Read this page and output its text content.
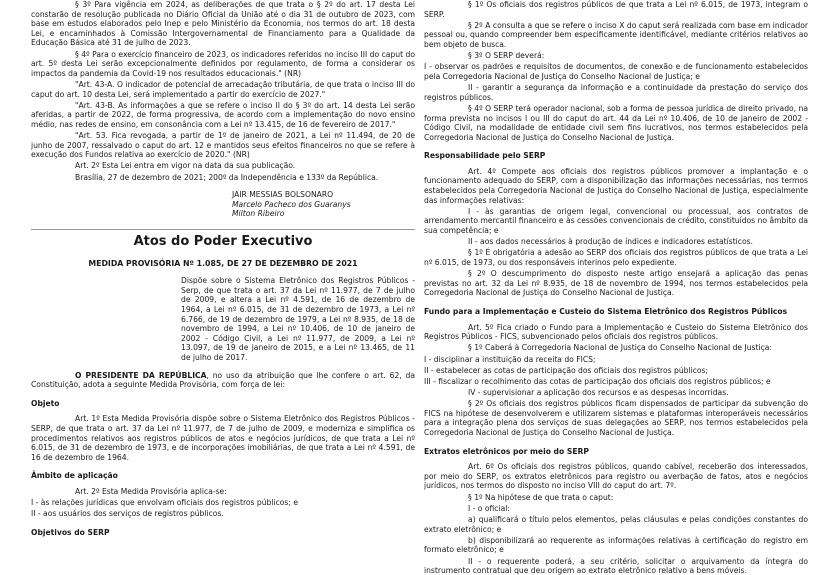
§ 3º Para vigência em 2024, as deliberações de que trata o § 2º do art. 17 desta Lei constarão de resolução publicada no Diário Oficial da União até o dia 31 de outubro de 2023, com base em estudos elaborados pelo Inep e pelo Ministério da Economia, nos termos do art. 18 desta Lei, e encaminhados à Comissão Intergovernamental de Financiamento para a Qualidade da Educação Básica até 31 de julho de 2023.

§ 4º Para o exercício financeiro de 2023, os indicadores referidos no inciso III do caput do art. 5º desta Lei serão excepcionalmente definidos por regulamento, de forma a considerar os impactos da pandemia da Covid-19 nos resultados educacionais." (NR)

"Art. 43-A. O indicador de potencial de arrecadação tributária, de que trata o inciso III do caput do art. 10 desta Lei, será implementado a partir do exercício de 2027."

"Art. 43-B. As informações a que se refere o inciso II do § 3º do art. 14 desta Lei serão aferidas, a partir de 2022, de forma progressiva, de acordo com a implementação do novo ensino médio, nas redes de ensino, em consonância com a Lei nº 13.415, de 16 de fevereiro de 2017."

"Art. 53. Fica revogada, a partir de 1º de janeiro de 2021, a Lei nº 11.494, de 20 de junho de 2007, ressalvado o caput do art. 12 e mantidos seus efeitos financeiros no que se refere à execução dos Fundos relativa ao exercício de 2020." (NR)

Art. 2º Esta Lei entra em vigor na data da sua publicação.

Brasília, 27 de dezembro de 2021; 200º da Independência e 133º da República.

JAIR MESSIAS BOLSONARO
Marcelo Pacheco dos Guaranys
Milton Ribeiro
Atos do Poder Executivo
MEDIDA PROVISÓRIA Nº 1.085, DE 27 DE DEZEMBRO DE 2021
Dispõe sobre o Sistema Eletrônico dos Registros Públicos - Serp, de que trata o art. 37 da Lei nº 11.977, de 7 de julho de 2009, e altera a Lei nº 4.591, de 16 de dezembro de 1964, a Lei nº 6.015, de 31 de dezembro de 1973, a Lei nº 6.766, de 19 de dezembro de 1979, a Lei nº 8.935, de 18 de novembro de 1994, a Lei nº 10.406, de 10 de janeiro de 2002 - Código Civil, a Lei nº 11.977, de 2009, a Lei nº 13.097, de 19 de janeiro de 2015, e a Lei nº 13.465, de 11 de julho de 2017.

O PRESIDENTE DA REPÚBLICA, no uso da atribuição que lhe confere o art. 62, da Constituição, adota a seguinte Medida Provisória, com força de lei:

Objeto

Art. 1º Esta Medida Provisória dispõe sobre o Sistema Eletrônico dos Registros Públicos - SERP, de que trata o art. 37 da Lei nº 11.977, de 7 de julho de 2009, e moderniza e simplifica os procedimentos relativos aos registros públicos de atos e negócios jurídicos, de que trata a Lei nº 6.015, de 31 de dezembro de 1973, e de incorporações imobiliárias, de que trata a Lei nº 4.591, de 16 de dezembro de 1964.

Âmbito de aplicação

Art. 2º Esta Medida Provisória aplica-se:

I - às relações jurídicas que envolvam oficiais dos registros públicos; e

II - aos usuários dos serviços de registros públicos.

Objetivos do SERP

§ 1º Os oficiais dos registros públicos de que trata a Lei nº 6.015, de 1973, integram o SERP.

§ 2º A consulta a que se refere o inciso X do caput será realizada com base em indicador pessoal ou, quando compreender bem especificamente identificável, mediante critérios relativos ao bem objeto de busca.

§ 3º O SERP deverá:

I - observar os padrões e requisitos de documentos, de conexão e de funcionamento estabelecidos pela Corregedoria Nacional de Justiça do Conselho Nacional de Justiça; e

II - garantir a segurança da informação e a continuidade da prestação do serviço dos registros públicos.

§ 4º O SERP terá operador nacional, sob a forma de pessoa jurídica de direito privado, na forma prevista no incisos I ou III do caput do art. 44 da Lei nº 10.406, de 10 de janeiro de 2002 - Código Civil, na modalidade de entidade civil sem fins lucrativos, nos termos estabelecidos pela Corregedoria Nacional de Justiça do Conselho Nacional de Justiça.

Responsabilidade pelo SERP

Art. 4º Compete aos oficiais dos registros públicos promover a implantação e o funcionamento adequado do SERP, com a disponibilização das informações necessárias, nos termos estabelecidos pela Corregedoria Nacional de Justiça do Conselho Nacional de Justiça, especialmente das informações relativas:

I - às garantias de origem legal, convencional ou processual, aos contratos de arrendamento mercantil financeiro e às cessões convencionais de crédito, constituídos no âmbito da sua competência; e

II - aos dados necessários à produção de índices e indicadores estatísticos.

§ 1º É obrigatória a adesão ao SERP dos oficiais dos registros públicos de que trata a Lei nº 6.015, de 1973, ou dos responsáveis interinos pelo expediente.

§ 2º O descumprimento do disposto neste artigo ensejará a aplicação das penas previstas no art. 32 da Lei nº 8.935, de 18 de novembro de 1994, nos termos estabelecidos pela Corregedoria Nacional de Justiça do Conselho Nacional de Justiça.

Fundo para a Implementação e Custeio do Sistema Eletrônico dos Registros Públicos

Art. 5º Fica criado o Fundo para a Implementação e Custeio do Sistema Eletrônico dos Registros Públicos - FICS, subvencionado pelos oficiais dos registros públicos.

§ 1º Caberá à Corregedoria Nacional de Justiça do Conselho Nacional de Justiça:

I - disciplinar a instituição da receita do FICS;

II - estabelecer as cotas de participação dos oficiais dos registros públicos;

III - fiscalizar o recolhimento das cotas de participação dos oficiais dos registros públicos; e

IV - supervisionar a aplicação dos recursos e as despesas incorridas.

§ 2º Os oficiais dos registros públicos ficam dispensados de participar da subvenção do FICS na hipótese de desenvolverem e utilizarem sistemas e plataformas interoperáveis necessários para a integração plena dos serviços de suas delegações ao SERP, nos termos estabelecidos pela Corregedoria Nacional de Justiça do Conselho Nacional de Justiça.

Extratos eletrônicos por meio do SERP

Art. 6º Os oficiais dos registros públicos, quando cabível, receberão dos interessados, por meio do SERP, os extratos eletrônicos para registro ou averbação de fatos, atos e negócios jurídicos, nos termos do disposto no inciso VIII do caput do art. 7º.

§ 1º Na hipótese de que trata o caput:

I - o oficial:

a) qualificará o título pelos elementos, pelas cláusulas e pelas condições constantes do extrato eletrônico; e

b) disponibilizará ao requerente as informações relativas à certificação do registro em formato eletrônico; e

II - o requerente poderá, a seu critério, solicitar o arquivamento da íntegra do instrumento contratual que deu origem ao extrato eletrônico relativo a bens móveis.
